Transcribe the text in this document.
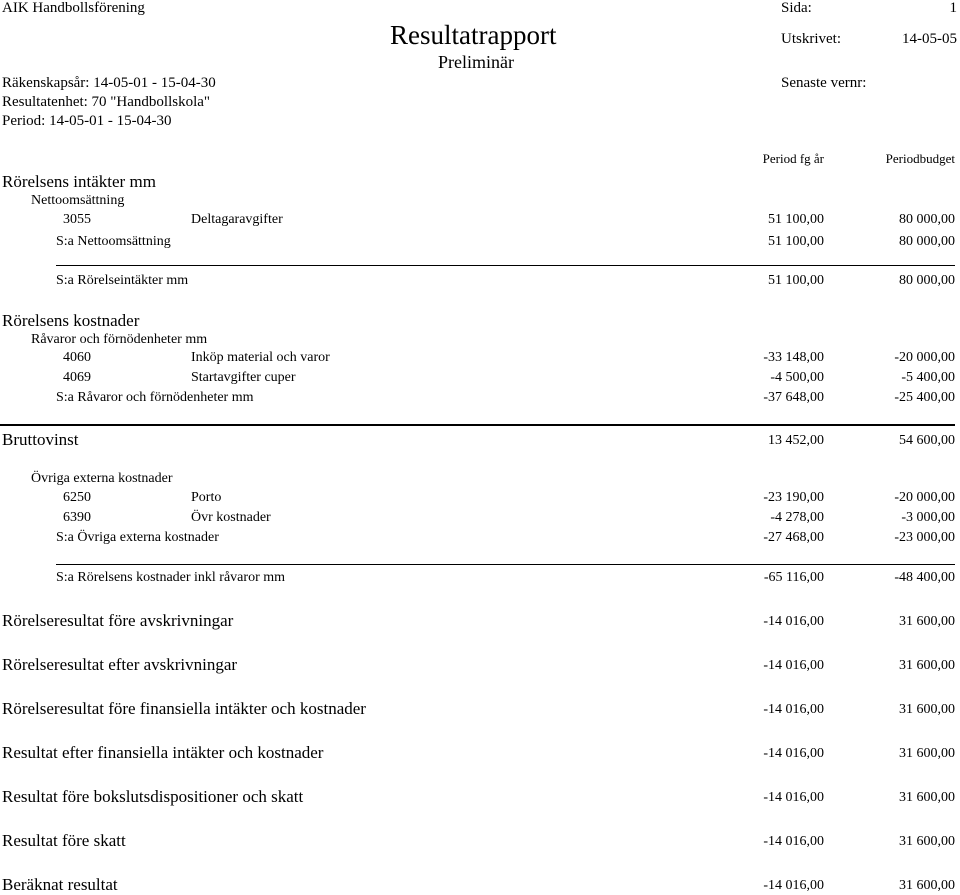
AIK Handbollsförening	Sida:	1
Resultatrapport	Utskrivet:	14-05-05
Preliminär
Räkenskapsår: 14-05-01 - 15-04-30	Senaste vernr:
Resultatenhet: 70 "Handbollskola"
Period: 14-05-01 - 15-04-30
Period fg år	Periodbudget
Rörelsens intäkter mm
Nettoomsättning
3055	Deltagaravgifter	51 100,00	80 000,00
S:a Nettoomsättning	51 100,00	80 000,00
S:a Rörelseintäkter mm	51 100,00	80 000,00
Rörelsens kostnader
Råvaror och förnödenheter mm
4060	Inköp material och varor	-33 148,00	-20 000,00
4069	Startavgifter cuper	-4 500,00	-5 400,00
S:a Råvaror och förnödenheter mm	-37 648,00	-25 400,00
Bruttovinst	13 452,00	54 600,00
Övriga externa kostnader
6250	Porto	-23 190,00	-20 000,00
6390	Övr kostnader	-4 278,00	-3 000,00
S:a Övriga externa kostnader	-27 468,00	-23 000,00
S:a Rörelsens kostnader inkl råvaror mm	-65 116,00	-48 400,00
Rörelseresultat före avskrivningar	-14 016,00	31 600,00
Rörelseresultat efter avskrivningar	-14 016,00	31 600,00
Rörelseresultat före finansiella intäkter och kostnader	-14 016,00	31 600,00
Resultat efter finansiella intäkter och kostnader	-14 016,00	31 600,00
Resultat före bokslutsdispositioner och skatt	-14 016,00	31 600,00
Resultat före skatt	-14 016,00	31 600,00
Beräknat resultat	-14 016,00	31 600,00
